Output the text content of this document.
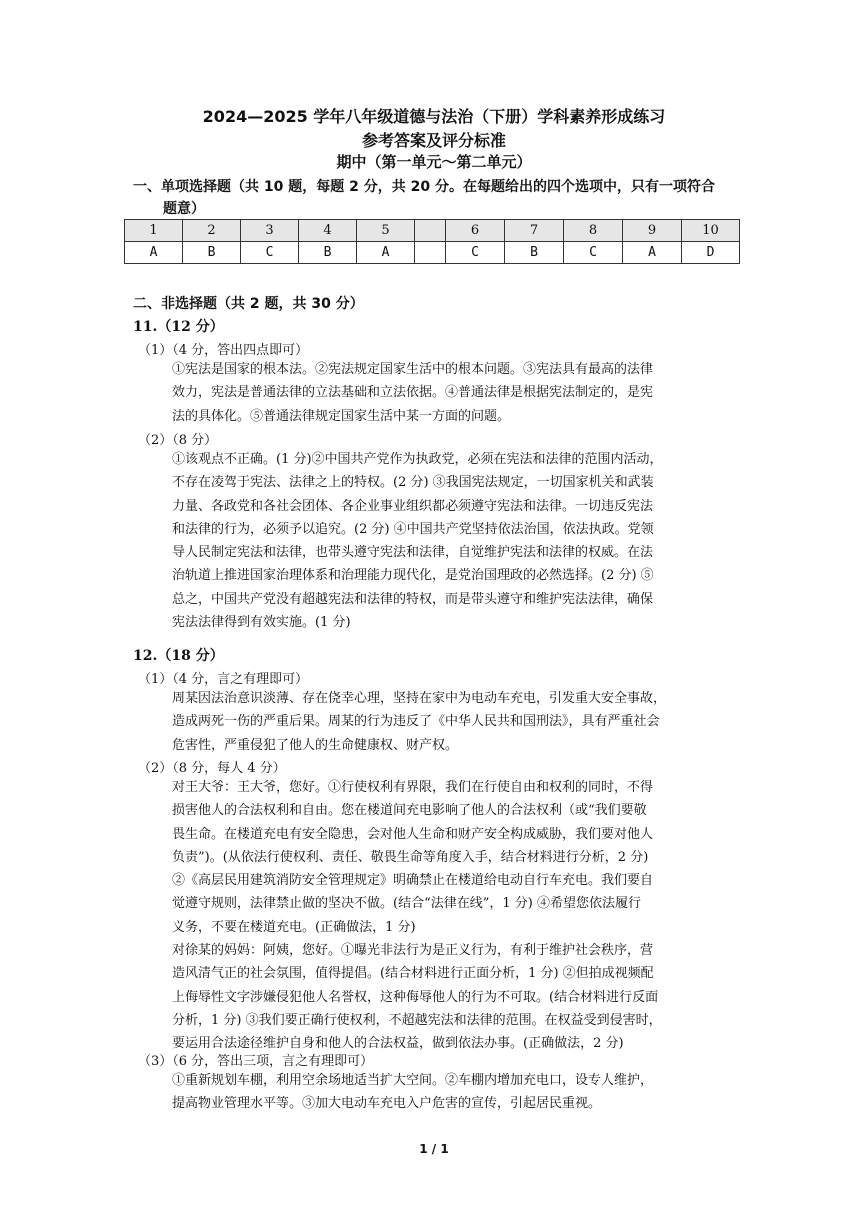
2024—2025 学年八年级道德与法治（下册）学科素养形成练习
参考答案及评分标准
期中（第一单元～第二单元）
一、单项选择题（共 10 题，每题 2 分，共 20 分。在每题给出的四个选项中，只有一项符合
题意）
1	2	3	4	5		6	7	8	9	10
A	B	C	B	A		C	B	C	A	D
二、非选择题（共 2 题，共 30 分）
11.（12 分）
（1）（4 分，答出四点即可）
①宪法是国家的根本法。②宪法规定国家生活中的根本问题。③宪法具有最高的法律
效力，宪法是普通法律的立法基础和立法依据。④普通法律是根据宪法制定的，是宪
法的具体化。⑤普通法律规定国家生活中某一方面的问题。
（2）（8 分）
①该观点不正确。(1 分)②中国共产党作为执政党，必须在宪法和法律的范围内活动，
不存在凌驾于宪法、法律之上的特权。(2 分) ③我国宪法规定，一切国家机关和武装
力量、各政党和各社会团体、各企业事业组织都必须遵守宪法和法律。一切违反宪法
和法律的行为，必须予以追究。(2 分) ④中国共产党坚持依法治国，依法执政。党领
导人民制定宪法和法律，也带头遵守宪法和法律，自觉维护宪法和法律的权威。在法
治轨道上推进国家治理体系和治理能力现代化，是党治国理政的必然选择。(2 分) ⑤
总之，中国共产党没有超越宪法和法律的特权，而是带头遵守和维护宪法法律，确保
宪法法律得到有效实施。(1 分)
12.（18 分）
（1）（4 分，言之有理即可）
周某因法治意识淡薄、存在侥幸心理，坚持在家中为电动车充电，引发重大安全事故，
造成两死一伤的严重后果。周某的行为违反了《中华人民共和国刑法》，具有严重社会
危害性，严重侵犯了他人的生命健康权、财产权。
（2）（8 分，每人 4 分）
对王大爷：王大爷，您好。①行使权利有界限，我们在行使自由和权利的同时，不得
损害他人的合法权利和自由。您在楼道间充电影响了他人的合法权利（或“我们要敬
畏生命。在楼道充电有安全隐患，会对他人生命和财产安全构成威胁，我们要对他人
负责”)。(从依法行使权利、责任、敬畏生命等角度入手，结合材料进行分析，2 分)
②《高层民用建筑消防安全管理规定》明确禁止在楼道给电动自行车充电。我们要自
觉遵守规则，法律禁止做的坚决不做。(结合“法律在线”，1 分) ④希望您依法履行
义务，不要在楼道充电。(正确做法，1 分)
对徐某的妈妈：阿姨，您好。①曝光非法行为是正义行为，有利于维护社会秩序，营
造风清气正的社会氛围，值得提倡。(结合材料进行正面分析，1 分) ②但拍成视频配
上侮辱性文字涉嫌侵犯他人名誉权，这种侮辱他人的行为不可取。(结合材料进行反面
分析，1 分) ③我们要正确行使权利，不超越宪法和法律的范围。在权益受到侵害时，
要运用合法途径维护自身和他人的合法权益，做到依法办事。(正确做法，2 分)
（3）（6 分，答出三项，言之有理即可）
①重新规划车棚，利用空余场地适当扩大空间。②车棚内增加充电口，设专人维护，
提高物业管理水平等。③加大电动车充电入户危害的宣传，引起居民重视。
1 / 1
